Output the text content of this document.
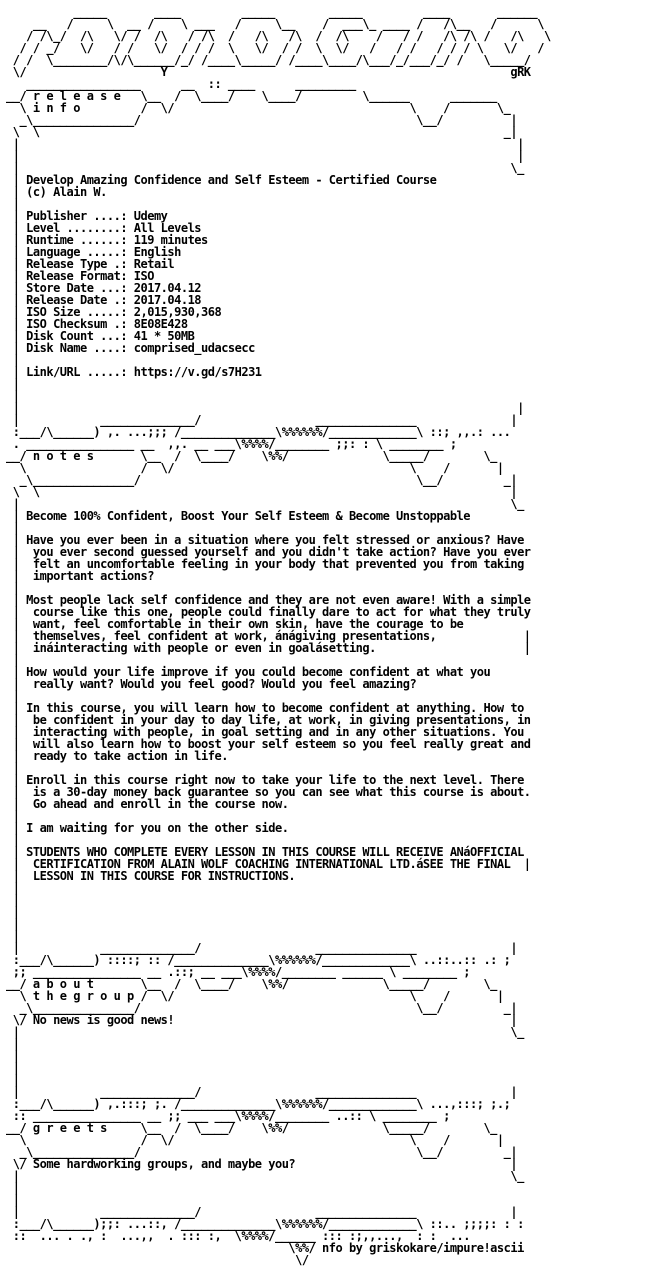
_____       ____         _____        _____         ____       ______
__   /     \  __ /    \ ___   /     \__    /  ___\_ ____ /   /\__   /      \
/ /\_/  /\   \/ /  /\   / /\  /   /\   /\  /  /\    /   / /   /\ /\ /   /\   \
/ / _/   \/   / /   \/  / / /  \   \/  / /  \  \/   /   / /   / / / \   \/   /
/ /  \________/\/\______/_/ /____\_____/ /____\____/\___/_/___/_/ /   \_____/
\/                    Y                                                   gRK
_________________      __  :: ____      _________
__/ r e l e a s e   \__  /  \____/    \____/         \______      _______
\ i n f o         /  \/                                   \    /       \_
_\_______________/                                         \__/          |
\  \                                                                     _|
|                                                                          |
|                                                                          |
|                                                                         \_
| Develop Amazing Confidence and Self Esteem - Certified Course
| (c) Alain W.
|
| Publisher ....: Udemy
| Level ........: All Levels
| Runtime ......: 119 minutes
| Language .....: English
| Release Type .: Retail
| Release Format: ISO
| Store Date ...: 2017.04.12
| Release Date .: 2017.04.18
| ISO Size .....: 2,015,930,368
| ISO Checksum .: 8E08E428
| Disk Count ...: 41 * 50MB
| Disk Name ....: comprised_udacsecc
|
| Link/URL .....: https://v.gd/s7H231
|
|
|                                                                          |
|            ______________/                 _______________              |
:___/\______) ,. ...;;; /______________\%%%%%%/_____________\ ::; ,,.: ...
. ________________ __  ,,. __ ___\%%%%/________ ;;: : \ ________ ;
__/ n o t e s       \__  /  \____/    \%%/              \_____/        \_
\                 /  \/                                   \    /       |
_\_______________/                                         \__/         _|
\  \                                                                      |
|                                                                         \_
| Become 100% Confident, Boost Your Self Esteem & Become Unstoppable
|
| Have you ever been in a situation where you felt stressed or anxious? Have
|  you ever second guessed yourself and you didn't take action? Have you ever
|  felt an uncomfortable feeling in your body that prevented you from taking
|  important actions?
|
| Most people lack self confidence and they are not even aware! With a simple
|  course like this one, people could finally dare to act for what they truly
|  want, feel comfortable in their own skin, have the courage to be
|  themselves, feel confident at work, ánágiving presentations,             |
|  ináinteracting with people or even in goalásetting.                      |
|
| How would your life improve if you could become confident at what you
|  really want? Would you feel good? Would you feel amazing?
|
| In this course, you will learn how to become confident at anything. How to
|  be confident in your day to day life, at work, in giving presentations, in
|  interacting with people, in goal setting and in any other situations. You
|  will also learn how to boost your self esteem so you feel really great and
|  ready to take action in life.
|
| Enroll in this course right now to take your life to the next level. There
|  is a 30-day money back guarantee so you can see what this course is about.
|  Go ahead and enroll in the course now.
|
| I am waiting for you on the other side.
|
| STUDENTS WHO COMPLETE EVERY LESSON IN THIS COURSE WILL RECEIVE ANáOFFICIAL
|  CERTIFICATION FROM ALAIN WOLF COACHING INTERNATIONAL LTD.áSEE THE FINAL  |
|  LESSON IN THIS COURSE FOR INSTRUCTIONS.
|
|
|
|
|
|            ______________/                 _______________              |
:___/\______) ::::; :: /______________\%%%%%%/_____________\ ..::..:: .: ;
;; ________________ __ .::; __ ___\%%%%/________ ______ \ ________ ;
__/ a b o u t       \__  /  \____/    \%%/              \_____/        \_
\ t h e g r o u p /  \/                                   \    /       |
_\_______________/                                         \__/         _|
\/ No news is good news!                                                  |
|                                                                         \_
|
|
|
|
|            ______________/                 _______________              |
:___/\______) ,.:::; ;. /______________\%%%%%%/_____________\ ...,:::; ;.;
:: ________________ __ ;; ___ ___\%%%%/________ ..:: \ ________ ;
__/ g r e e t s     \__  /  \____/    \%%/              \_____/        \_
\                 /  \/                                   \    /       |
_\_______________/                                         \__/         _|
\/ Some hardworking groups, and maybe you?                                |
|                                                                         \_
|
|
|            ______________/                 _______________              |
:___/\______);;: ...::, /______________\%%%%%%/_____________\ ::.. ;;;;: : :
::  ... . ., :  ...,,  . ::: :,  \%%%%/______ ::: :;,,...,  : :  ...
\%%/ nfo by griskokare/impure!ascii
\/
